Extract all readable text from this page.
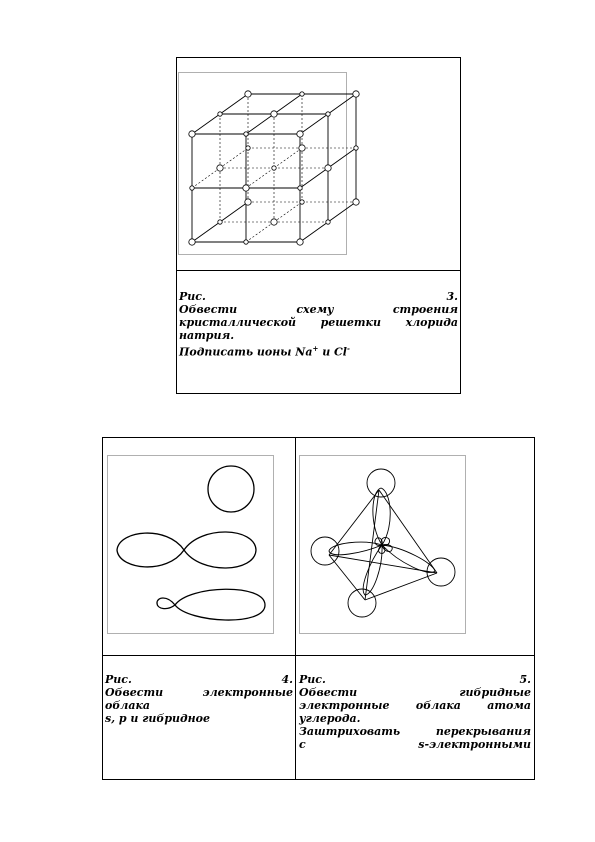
Рис.	3.
Обвести	схему	строения
кристаллической решетки хлорида
натрия.
Подписать ионы Na+ и Cl-
Рис.	4.
Обвести	электронные
облака
s, p и гибридное
Рис.	5.
Обвести	гибридные
электронные облака атома
углерода.
Заштриховать	перекрывания
с	s-электронными
